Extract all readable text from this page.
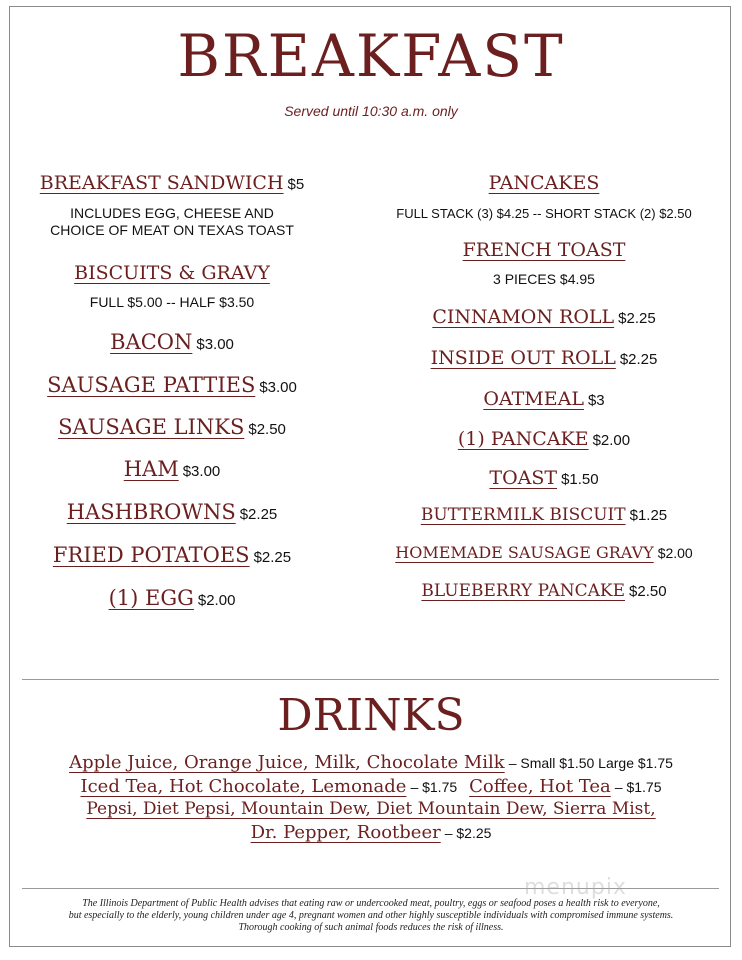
BREAKFAST
Served until 10:30 a.m. only
BREAKFAST SANDWICH $5
INCLUDES EGG, CHEESE AND
CHOICE OF MEAT ON TEXAS TOAST
BISCUITS & GRAVY
FULL $5.00 -- HALF $3.50
BACON $3.00
SAUSAGE PATTIES $3.00
SAUSAGE LINKS $2.50
HAM $3.00
HASHBROWNS $2.25
FRIED POTATOES $2.25
(1) EGG $2.00
PANCAKES
FULL STACK (3) $4.25 -- SHORT STACK (2) $2.50
FRENCH TOAST
3 PIECES $4.95
CINNAMON ROLL $2.25
INSIDE OUT ROLL $2.25
OATMEAL $3
(1) PANCAKE $2.00
TOAST $1.50
BUTTERMILK BISCUIT $1.25
HOMEMADE SAUSAGE GRAVY $2.00
BLUEBERRY PANCAKE $2.50
DRINKS
Apple Juice, Orange Juice, Milk, Chocolate Milk – Small $1.50 Large $1.75
Iced Tea, Hot Chocolate, Lemonade – $1.75 Coffee, Hot Tea – $1.75
Pepsi, Diet Pepsi, Mountain Dew, Diet Mountain Dew, Sierra Mist,
Dr. Pepper, Rootbeer – $2.25
menupix
The Illinois Department of Public Health advises that eating raw or undercooked meat, poultry, eggs or seafood poses a health risk to everyone,
but especially to the elderly, young children under age 4, pregnant women and other highly susceptible individuals with compromised immune systems.
Thorough cooking of such animal foods reduces the risk of illness.
